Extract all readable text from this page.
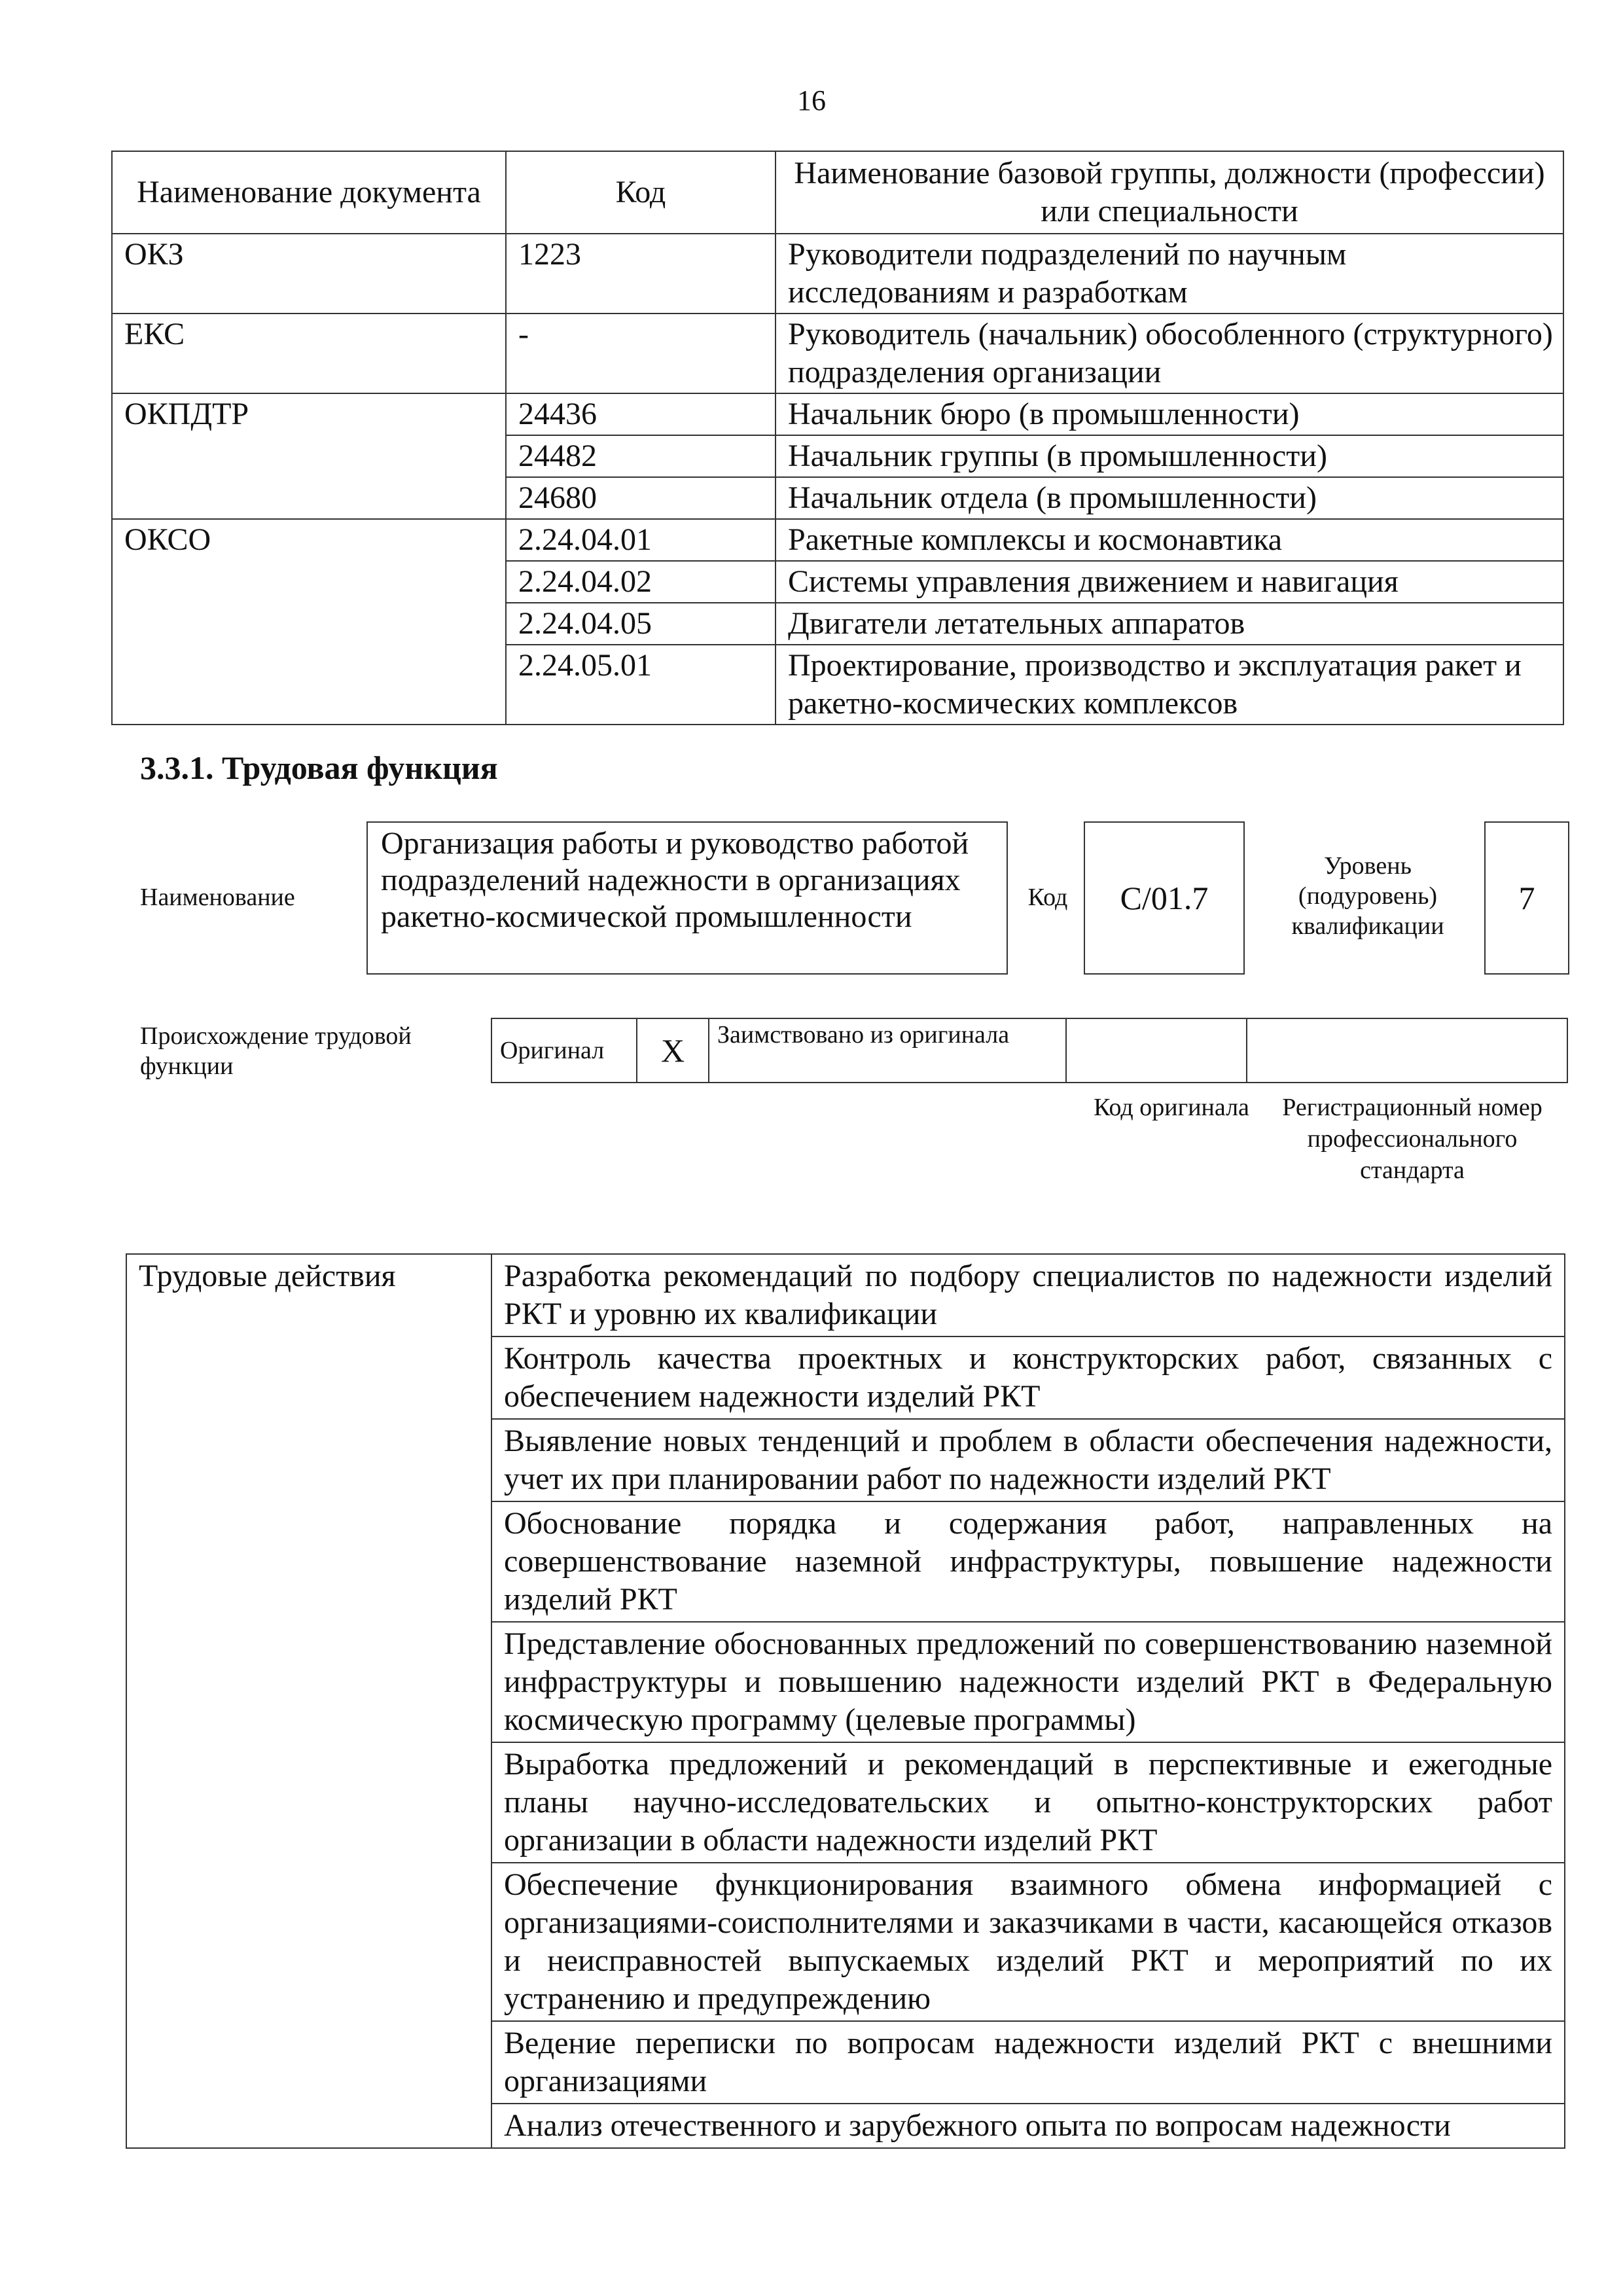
16
Наименование документа	Код	Наименование базовой группы, должности (профессии) или специальности
ОКЗ	1223	Руководители подразделений по научным исследованиям и разработкам
ЕКС	-	Руководитель (начальник) обособленного (структурного) подразделения организации
ОКПДТР	24436	Начальник бюро (в промышленности)
	24482	Начальник группы (в промышленности)
	24680	Начальник отдела (в промышленности)
ОКСО	2.24.04.01	Ракетные комплексы и космонавтика
	2.24.04.02	Системы управления движением и навигация
	2.24.04.05	Двигатели летательных аппаратов
	2.24.05.01	Проектирование, производство и эксплуатация ракет и ракетно-космических комплексов
3.3.1. Трудовая функция
Наименование
Организация работы и руководство работой подразделений надежности в организациях ракетно-космической промышленности
Код	С/01.7
Уровень (подуровень) квалификации
7
Происхождение трудовой функции
Оригинал	Х	Заимствовано из оригинала		
Код оригинала Регистрационный номер профессионального стандарта
Трудовые действия	Разработка рекомендаций по подбору специалистов по надежности изделий РКТ и уровню их квалификации
Контроль качества проектных и конструкторских работ, связанных с обеспечением надежности изделий РКТ
Выявление новых тенденций и проблем в области обеспечения надежности, учет их при планировании работ по надежности изделий РКТ
Обоснование порядка и содержания работ, направленных на совершенствование наземной инфраструктуры, повышение надежности изделий РКТ
Представление обоснованных предложений по совершенствованию наземной инфраструктуры и повышению надежности изделий РКТ в Федеральную космическую программу (целевые программы)
Выработка предложений и рекомендаций в перспективные и ежегодные планы научно-исследовательских и опытно-конструкторских работ организации в области надежности изделий РКТ
Обеспечение функционирования взаимного обмена информацией с организациями-соисполнителями и заказчиками в части, касающейся отказов и неисправностей выпускаемых изделий РКТ и мероприятий по их устранению и предупреждению
Ведение переписки по вопросам надежности изделий РКТ с внешними организациями
Анализ отечественного и зарубежного опыта по вопросам надежности
